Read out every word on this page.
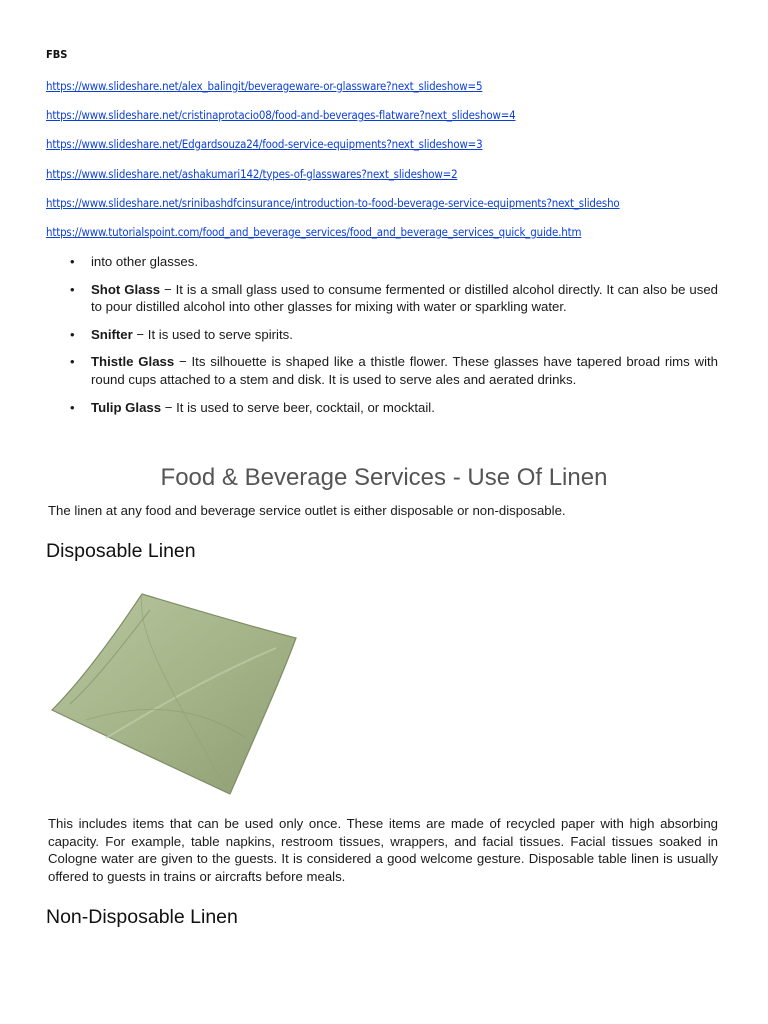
FBS
https://www.slideshare.net/alex_balingit/beverageware-or-glassware?next_slideshow=5
https://www.slideshare.net/cristinaprotacio08/food-and-beverages-flatware?next_slideshow=4
https://www.slideshare.net/Edgardsouza24/food-service-equipments?next_slideshow=3
https://www.slideshare.net/ashakumari142/types-of-glasswares?next_slideshow=2
https://www.slideshare.net/srinibashdfcinsurance/introduction-to-food-beverage-service-equipments?next_slidesho
https://www.tutorialspoint.com/food_and_beverage_services/food_and_beverage_services_quick_guide.htm
• into other glasses.
• Shot Glass − It is a small glass used to consume fermented or distilled alcohol directly. It can also be used to pour distilled alcohol into other glasses for mixing with water or sparkling water.
• Snifter − It is used to serve spirits.
• Thistle Glass − Its silhouette is shaped like a thistle flower. These glasses have tapered broad rims with round cups attached to a stem and disk. It is used to serve ales and aerated drinks.
• Tulip Glass − It is used to serve beer, cocktail, or mocktail.
Food & Beverage Services - Use Of Linen

The linen at any food and beverage service outlet is either disposable or non-disposable.

Disposable Linen

This includes items that can be used only once. These items are made of recycled paper with high absorbing capacity. For example, table napkins, restroom tissues, wrappers, and facial tissues. Facial tissues soaked in Cologne water are given to the guests. It is considered a good welcome gesture. Disposable table linen is usually offered to guests in trains or aircrafts before meals.

Non-Disposable Linen
